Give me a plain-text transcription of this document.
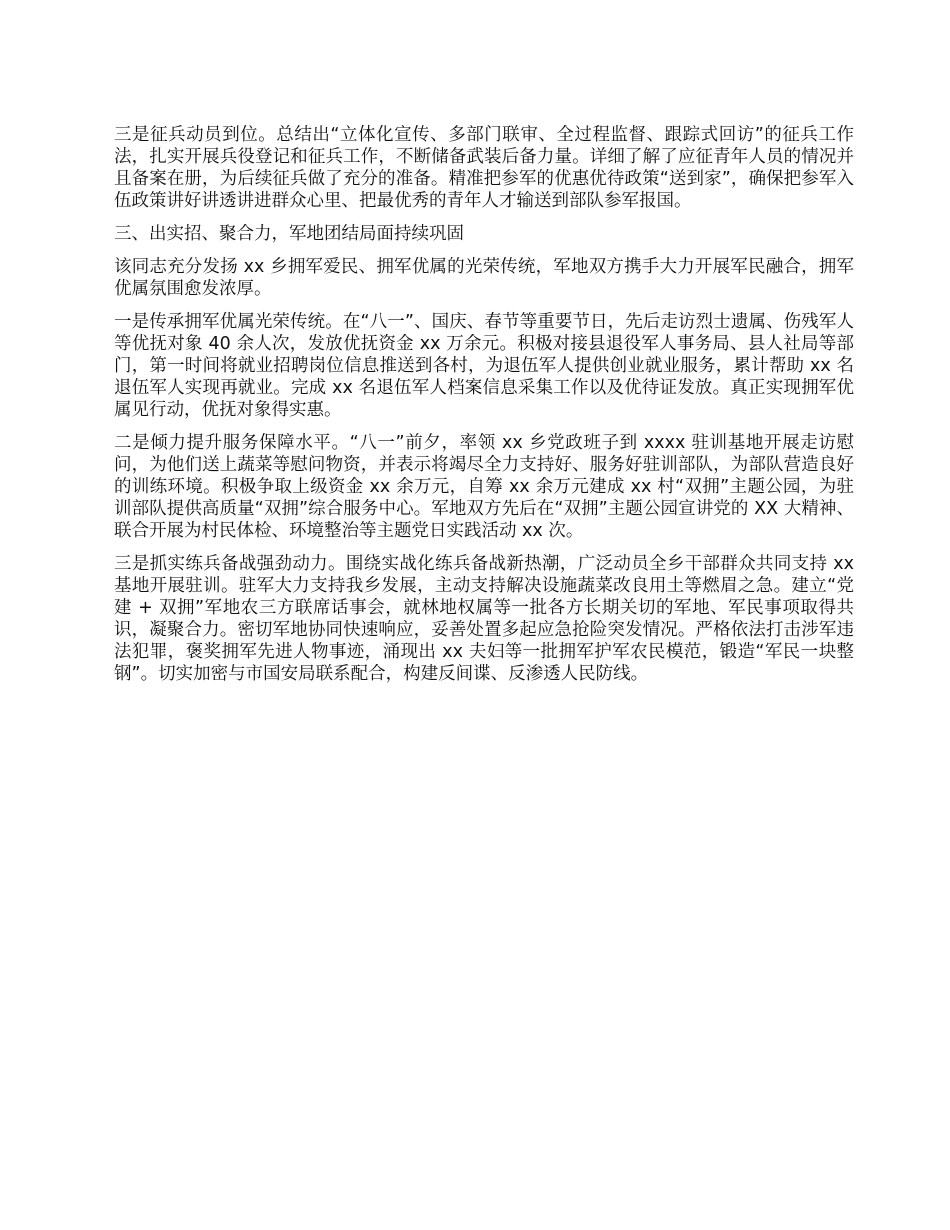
三是征兵动员到位。总结出“立体化宣传、多部门联审、全过程监督、跟踪式回访”的征兵工作法，扎实开展兵役登记和征兵工作，不断储备武装后备力量。详细了解了应征青年人员的情况并且备案在册，为后续征兵做了充分的准备。精准把参军的优惠优待政策“送到家”，确保把参军入伍政策讲好讲透讲进群众心里、把最优秀的青年人才输送到部队参军报国。

三、出实招、聚合力，军地团结局面持续巩固

该同志充分发扬 xx 乡拥军爱民、拥军优属的光荣传统，军地双方携手大力开展军民融合，拥军优属氛围愈发浓厚。

一是传承拥军优属光荣传统。在“八一”、国庆、春节等重要节日，先后走访烈士遗属、伤残军人等优抚对象 40 余人次，发放优抚资金 xx 万余元。积极对接县退役军人事务局、县人社局等部门，第一时间将就业招聘岗位信息推送到各村，为退伍军人提供创业就业服务，累计帮助 xx 名退伍军人实现再就业。完成 xx 名退伍军人档案信息采集工作以及优待证发放。真正实现拥军优属见行动，优抚对象得实惠。

二是倾力提升服务保障水平。“八一”前夕，率领 xx 乡党政班子到 xxxx 驻训基地开展走访慰问，为他们送上蔬菜等慰问物资，并表示将竭尽全力支持好、服务好驻训部队，为部队营造良好的训练环境。积极争取上级资金 xx 余万元，自筹 xx 余万元建成 xx 村“双拥”主题公园，为驻训部队提供高质量“双拥”综合服务中心。军地双方先后在“双拥”主题公园宣讲党的 XX 大精神、联合开展为村民体检、环境整治等主题党日实践活动 xx 次。

三是抓实练兵备战强劲动力。围绕实战化练兵备战新热潮，广泛动员全乡干部群众共同支持 xx 基地开展驻训。驻军大力支持我乡发展，主动支持解决设施蔬菜改良用土等燃眉之急。建立“党建 + 双拥”军地农三方联席话事会，就林地权属等一批各方长期关切的军地、军民事项取得共识，凝聚合力。密切军地协同快速响应，妥善处置多起应急抢险突发情况。严格依法打击涉军违法犯罪，褒奖拥军先进人物事迹，涌现出 xx 夫妇等一批拥军护军农民模范，锻造“军民一块整钢”。切实加密与市国安局联系配合，构建反间谍、反渗透人民防线。
